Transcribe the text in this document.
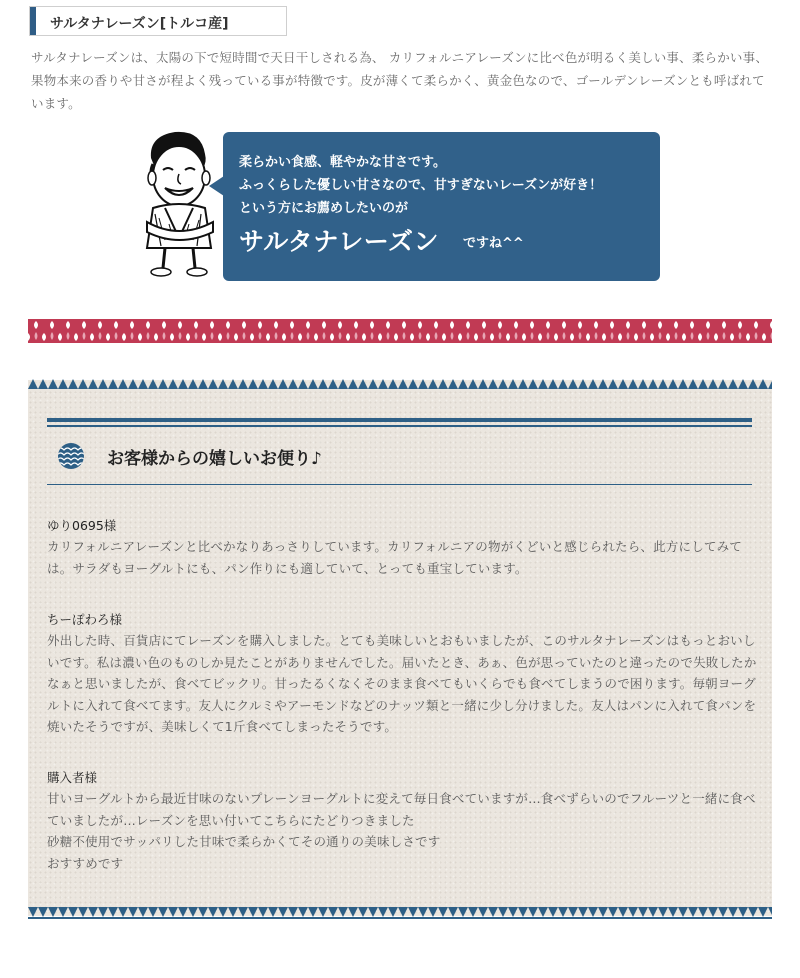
サルタナレーズン[トルコ産]

サルタナレーズンは、太陽の下で短時間で天日干しされる為、 カリフォルニアレーズンに比べ色が明るく美しい事、柔らかい事、 果物本来の香りや甘さが程よく残っている事が特徴です。皮が薄くて柔らかく、黄金色なので、ゴールデンレーズンとも呼ばれています。

柔らかい食感、軽やかな甘さです。
ふっくらした優しい甘さなので、甘すぎないレーズンが好き！
という方にお薦めしたいのが
サルタナレーズン ですね^^
お客様からの嬉しいお便り♪
ゆり0695様
カリフォルニアレーズンと比べかなりあっさりしています。カリフォルニアの物がくどいと感じられたら、此方にしてみては。サラダもヨーグルトにも、パン作りにも適していて、とっても重宝しています。
ちーぽわろ様
外出した時、百貨店にてレーズンを購入しました。とても美味しいとおもいましたが、このサルタナレーズンはもっとおいしいです。私は濃い色のものしか見たことがありませんでした。届いたとき、あぁ、色が思っていたのと違ったので失敗したかなぁと思いましたが、食べてビックリ。甘ったるくなくそのまま食べてもいくらでも食べてしまうので困ります。毎朝ヨーグルトに入れて食べてます。友人にクルミやアーモンドなどのナッツ類と一緒に少し分けました。友人はパンに入れて食パンを焼いたそうですが、美味しくて1斤食べてしまったそうです。
購入者様
甘いヨーグルトから最近甘味のないプレーンヨーグルトに変えて毎日食べていますが…食べずらいのでフルーツと一緒に食べていましたが…レーズンを思い付いてこちらにたどりつきました
砂糖不使用でサッパリした甘味で柔らかくてその通りの美味しさです
おすすめです
